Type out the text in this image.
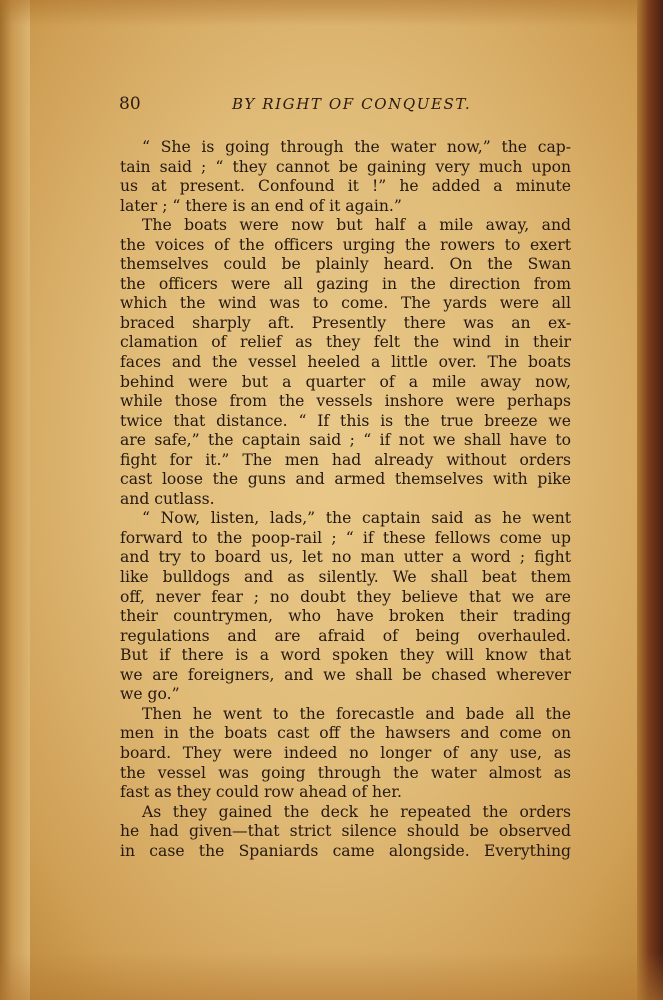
80	BY RIGHT OF CONQUEST.
“ She is going through the water now,” the cap-
tain said ; “ they cannot be gaining very much upon
us at present. Confound it !” he added a minute
later ; “ there is an end of it again.”
The boats were now but half a mile away, and
the voices of the officers urging the rowers to exert
themselves could be plainly heard. On the Swan
the officers were all gazing in the direction from
which the wind was to come. The yards were all
braced sharply aft. Presently there was an ex-
clamation of relief as they felt the wind in their
faces and the vessel heeled a little over. The boats
behind were but a quarter of a mile away now,
while those from the vessels inshore were perhaps
twice that distance. “ If this is the true breeze we
are safe,” the captain said ; “ if not we shall have to
fight for it.” The men had already without orders
cast loose the guns and armed themselves with pike
and cutlass.
“ Now, listen, lads,” the captain said as he went
forward to the poop-rail ; “ if these fellows come up
and try to board us, let no man utter a word ; fight
like bulldogs and as silently. We shall beat them
off, never fear ; no doubt they believe that we are
their countrymen, who have broken their trading
regulations and are afraid of being overhauled.
But if there is a word spoken they will know that
we are foreigners, and we shall be chased wherever
we go.”
Then he went to the forecastle and bade all the
men in the boats cast off the hawsers and come on
board. They were indeed no longer of any use, as
the vessel was going through the water almost as
fast as they could row ahead of her.
As they gained the deck he repeated the orders
he had given—that strict silence should be observed
in case the Spaniards came alongside. Everything
